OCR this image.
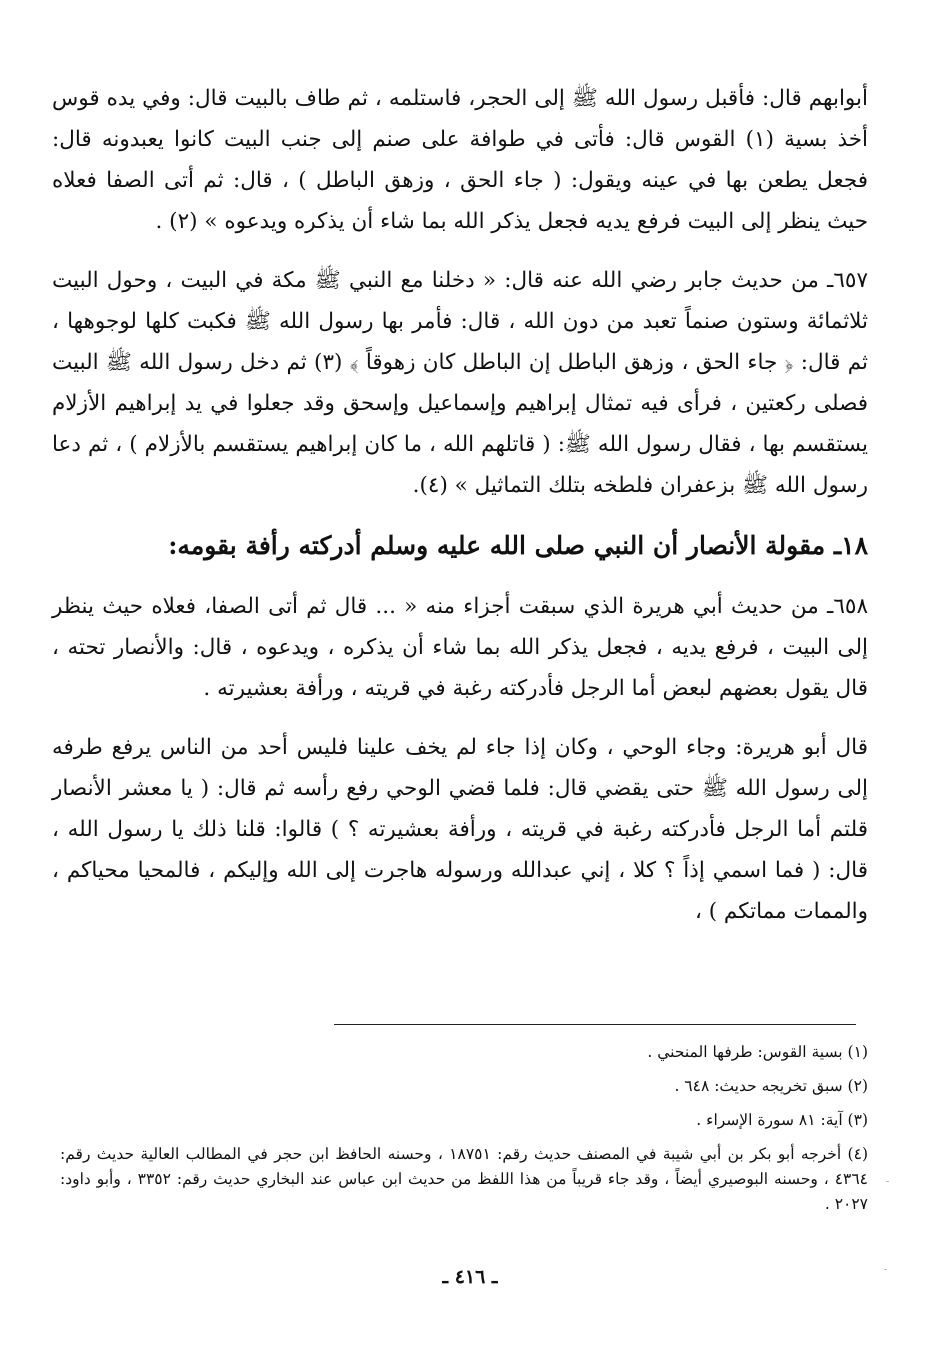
أبوابهم قال: فأقبل رسول الله ﷺ إلى الحجر، فاستلمه ، ثم طاف بالبيت قال: وفي يده قوس أخذ بسية (١) القوس قال: فأتى في طوافة على صنم إلى جنب البيت كانوا يعبدونه قال: فجعل يطعن بها في عينه ويقول: ( جاء الحق ، وزهق الباطل ) ، قال: ثم أتى الصفا فعلاه حيث ينظر إلى البيت فرفع يديه فجعل يذكر الله بما شاء أن يذكره ويدعوه » (٢) .

٦٥٧ـ من حديث جابر رضي الله عنه قال: « دخلنا مع النبي ﷺ مكة في البيت ، وحول البيت ثلاثمائة وستون صنماً تعبد من دون الله ، قال: فأمر بها رسول الله ﷺ فكبت كلها لوجوهها ، ثم قال: ﴿ جاء الحق ، وزهق الباطل إن الباطل كان زهوقاً ﴾ (٣) ثم دخل رسول الله ﷺ البيت فصلى ركعتين ، فرأى فيه تمثال إبراهيم وإسماعيل وإسحق وقد جعلوا في يد إبراهيم الأزلام يستقسم بها ، فقال رسول الله ﷺ: ( قاتلهم الله ، ما كان إبراهيم يستقسم بالأزلام ) ، ثم دعا رسول الله ﷺ بزعفران فلطخه بتلك التماثيل » (٤).

١٨ـ مقولة الأنصار أن النبي صلى الله عليه وسلم أدركته رأفة بقومه:

٦٥٨ـ من حديث أبي هريرة الذي سبقت أجزاء منه « ... قال ثم أتى الصفا، فعلاه حيث ينظر إلى البيت ، فرفع يديه ، فجعل يذكر الله بما شاء أن يذكره ، ويدعوه ، قال: والأنصار تحته ، قال يقول بعضهم لبعض أما الرجل فأدركته رغبة في قريته ، ورأفة بعشيرته .

قال أبو هريرة: وجاء الوحي ، وكان إذا جاء لم يخف علينا فليس أحد من الناس يرفع طرفه إلى رسول الله ﷺ حتى يقضي قال: فلما قضي الوحي رفع رأسه ثم قال: ( يا معشر الأنصار قلتم أما الرجل فأدركته رغبة في قريته ، ورأفة بعشيرته ؟ ) قالوا: قلنا ذلك يا رسول الله ، قال: ( فما اسمي إذاً ؟ كلا ، إني عبدالله ورسوله هاجرت إلى الله وإليكم ، فالمحيا محياكم ، والممات مماتكم ) ،

(١) بسية القوس: طرفها المنحني .

(٢) سبق تخريجه حديث: ٦٤٨ .

(٣) آية: ٨١ سورة الإسراء .

(٤) أخرجه أبو بكر بن أبي شيبة في المصنف حديث رقم: ١٨٧٥١ ، وحسنه الحافظ ابن حجر في المطالب العالية حديث رقم: ٤٣٦٤ ، وحسنه البوصيري أيضاً ، وقد جاء قريباً من هذا اللفظ من حديث ابن عباس عند البخاري حديث رقم: ٣٣٥٢ ، وأبو داود: ٢٠٢٧ .

ـ ٤١٦ ـ
